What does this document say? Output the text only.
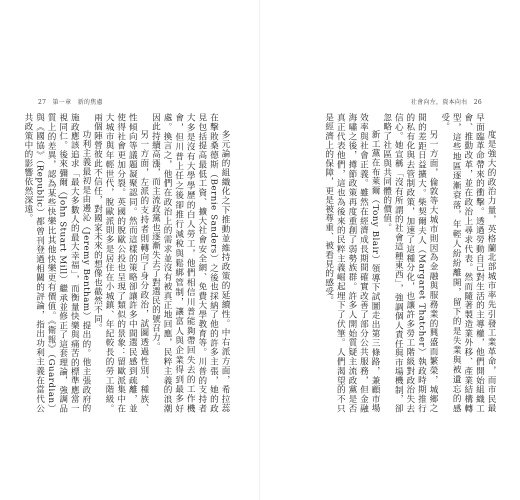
27 第一章 新的焦慮

多元論的組織化之下推動並維持政策的延續性。中右派方面，希拉蕊在擊敗桑德斯（Bernie Sanders）之後也採納了他的許多主張，她的政見包括提高最低工資、擴大社會安全網、免費大學教育等。川普的支持者大多是沒有大學學歷的白人勞工，他們相信川普能夠帶回失去的工作機會，但川普上任之後卻推行減稅與鬆綁管制，讓富人與企業得到最多好處。換言之，他們在政治上的需求並沒有被真正地回應，民粹主義的浪潮因此持續高漲，而主流政黨也逐漸失去了對選民的號召力。

另一方面，左派的支持者則轉向了身分政治，試圖透過性別、種族、性傾向等議題凝聚認同。然而這樣的策略卻讓許多中間選民感到疏離，並使得社會更加分裂。英國的脫歐公投也呈現了類似的景象：留歐派集中在大城市與年輕世代，脫歐派則多是居住在小城鎮、年紀較長的勞工階級。兩個陣營彼此不信任，對國家未來的想像也截然不同。

功利主義最初是由邊沁（Jeremy Bentham）提出的。他主張政府的施政應該追求「最大多數人的最大幸福」，而衡量快樂與痛苦的標準應當一視同仁。後來彌爾（John Stuart Mill）繼承並修正了這套理論，強調品質上的差異，認為某些快樂比其他快樂更有價值。《衛報》（Guardian）與《國協》（Republic）都曾刊登過相關的評論，指出功利主義在當代公共政策中的影響依然深遠。

社會向左，資本向右 26

度是強大的政治力量，英格蘭北部城市率先引發工業革命，而市民最早面臨革命帶來的衝擊。透過勞動自己對生活的主導權，他們開始組織工會、推動改革，並在政治上尋求代表。然而隨著製造業外移、產業結構轉型，這些地區逐漸衰落，年輕人紛紛離開，留下的是失業與被遺忘的感受。

另一方面，倫敦等大城市則因為金融與服務業的興盛而繁榮，城鄉之間的差距日益擴大。柴契爾夫人（Margaret Thatcher）執政時期推行的私有化與去管制政策，加速了這種分化，也讓許多勞工階級對政治失去信心。她宣稱「沒有所謂的社會這種東西」，強調個人責任與市場機制，卻忽略了社區與共同體的價值。

新工黨在布萊爾（Tony Blair）領導下試圖走出第三條路，兼顧市場效率與社會正義。雖然在經濟成長期間確實改善了部分公共服務，但金融海嘯之後，撙節政策再度重創了弱勢族群。許多人開始質疑主流政黨是否真正代表他們，這也為後來的民粹主義崛起埋下了伏筆。人們渴望的不只是經濟上的保障，更是被尊重、被看見的感受。
